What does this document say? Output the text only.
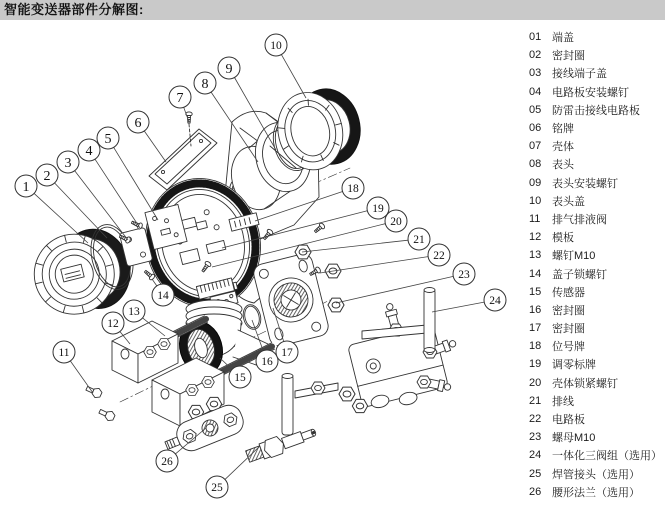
智能变送器部件分解图:
01 端盖
02 密封圈
03 接线端子盖
04 电路板安装螺钉
05 防雷击接线电路板
06 铭牌
07 壳体
08 表头
09 表头安装螺钉
10 表头盖
11	排气排液阀
12 模板
13 螺钉M10
14 盖子锁螺钉
15 传感器
16 密封圈
17 密封圈
18 位号牌
19 调零标牌
20 壳体锁紧螺钉
21 排线
22 电路板
23 螺母M10
24 一体化三阀组（选用）
25 焊管接头（选用）
26 腰形法兰（选用）
1
2
3
4
5
6
7
8
9
10
11
12
13
14
15
16
17
18
19
20
21
22
23
24
25
26
